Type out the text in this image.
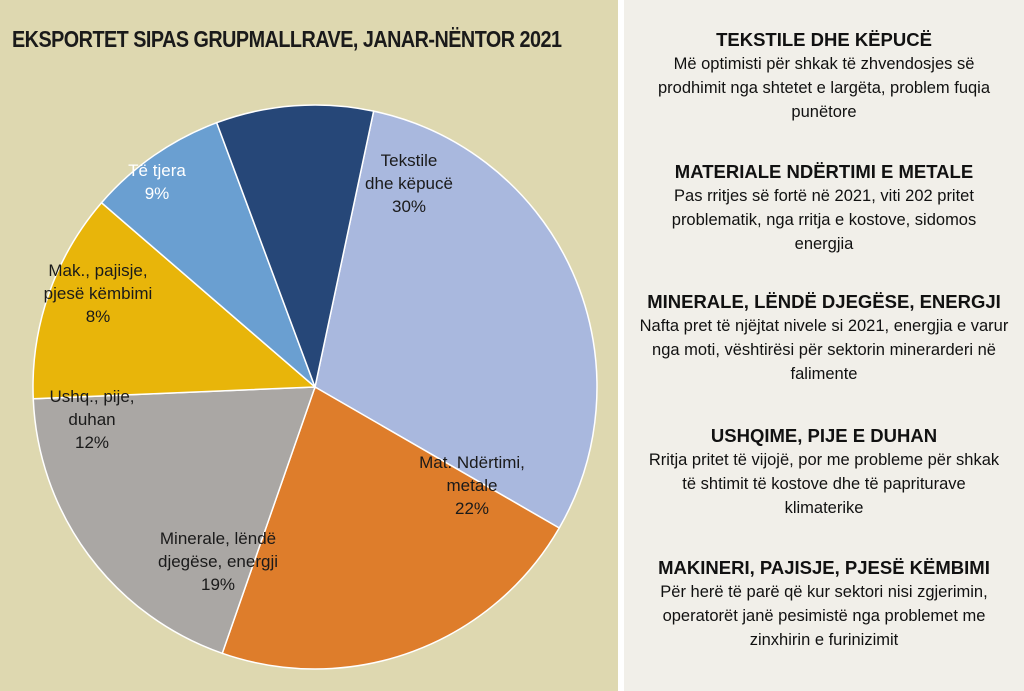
Tekstile dhe këpucë 30%
Mat. Ndërtimi, metale 22%
Minerale, lëndë djegëse, energji 19%
Ushq., pije, duhan 12%
Mak., pajisje, pjesë këmbimi 8%
Të tjera 9%
EKSPORTET SIPAS GRUPMALLRAVE, JANAR-NËNTOR 2021	TEKSTILE DHE KËPUCË
Më optimisti për shkak të zhvendosjes së prodhimit nga shtetet e largëta, problem fuqia punëtore
MATERIALE NDËRTIMI E METALE
Pas rritjes së fortë në 2021, viti 202 pritet problematik, nga rritja e kostove, sidomos energjia
MINERALE, LËNDË DJEGËSE, ENERGJI
Nafta pret të njëjtat nivele si 2021, energjia e varur nga moti, vështirësi për sektorin minerarderi në falimente
USHQIME, PIJE E DUHAN
Rritja pritet të vijojë, por me probleme për shkak të shtimit të kostove dhe të papriturave klimaterike
MAKINERI, PAJISJE, PJESË KËMBIMI
Për herë të parë që kur sektori nisi zgjerimin, operatorët janë pesimistë nga problemet me zinxhirin e furinizimit
